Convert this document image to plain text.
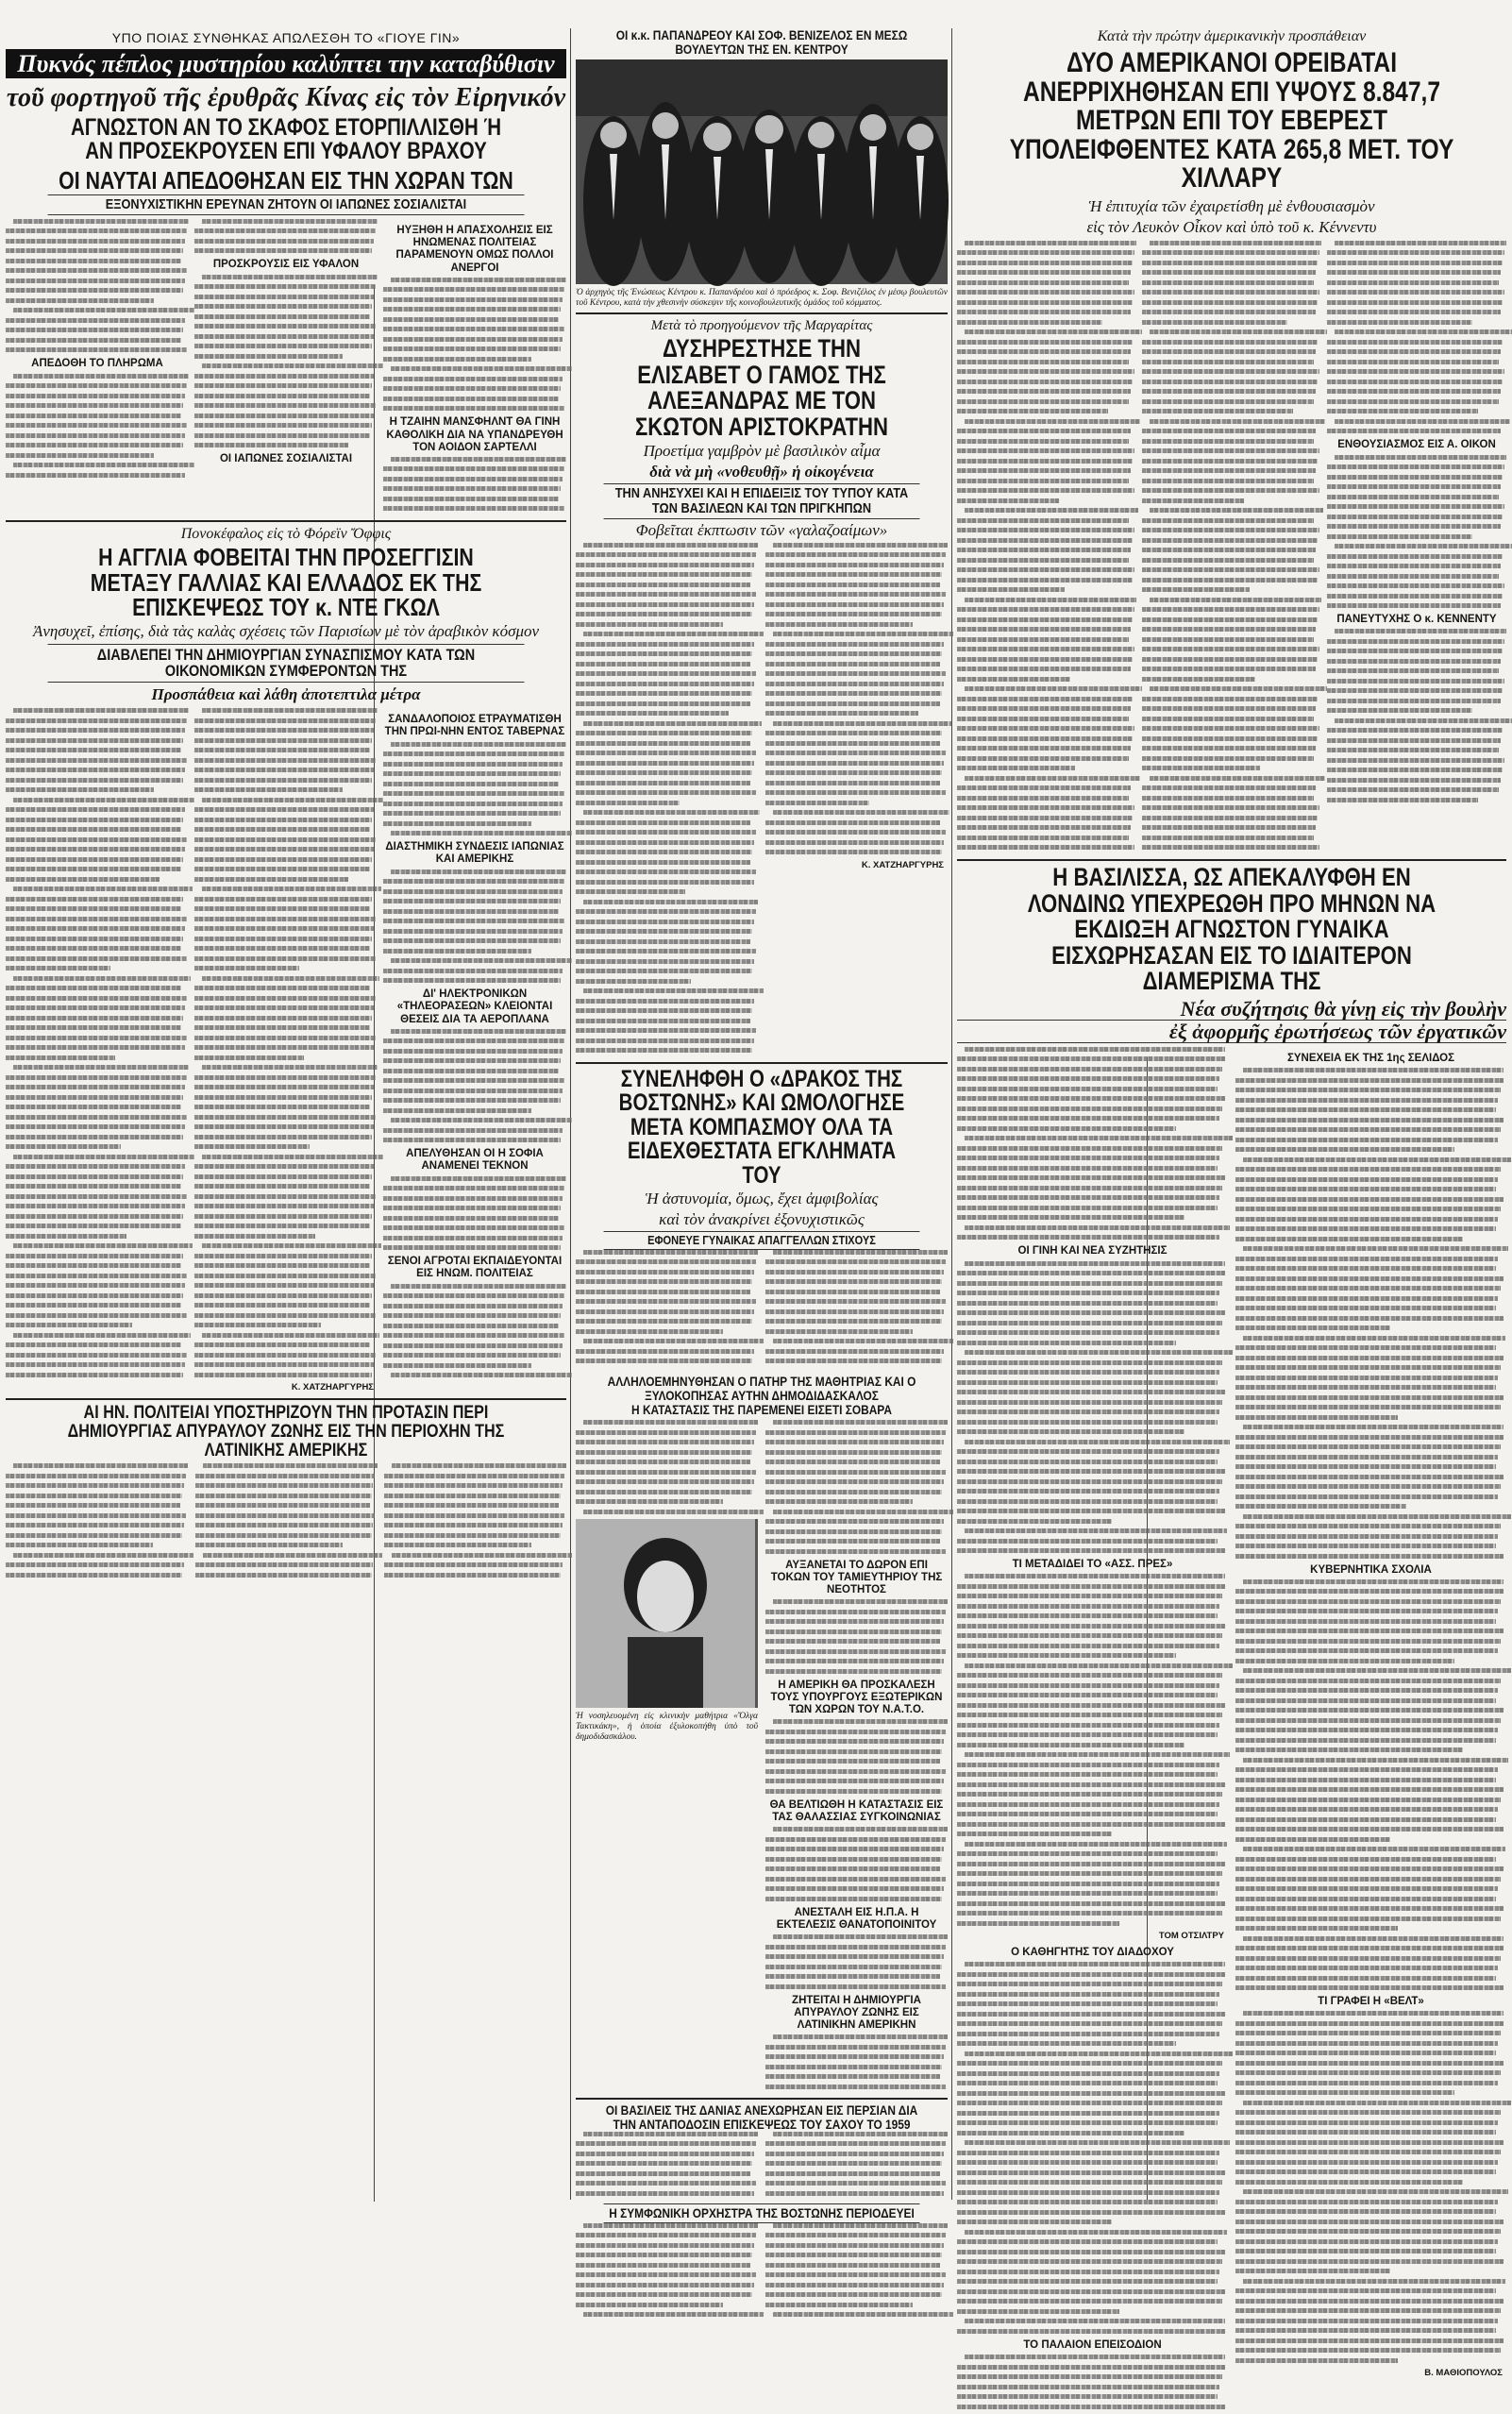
ΥΠΟ ΠΟΙΑΣ ΣΥΝΘΗΚΑΣ ΑΠΩΛΕΣΘΗ ΤΟ «ΓΙΟΥΕ ΓΙΝ»
Πυκνός πέπλος μυστηρίου καλύπτει την καταβύθισιν
τοῦ φορτηγοῦ τῆς ἐρυθρᾶς Κίνας εἰς τὸν Εἰρηνικόν
ΑΓΝΩΣΤΟΝ ΑΝ ΤΟ ΣΚΑΦΟΣ ΕΤΟΡΠΙΛΛΙΣΘΗ Ή ΑΝ ΠΡΟΣΕΚΡΟΥΣΕΝ ΕΠΙ ΥΦΑΛΟΥ ΒΡΑΧΟΥ
ΟΙ ΝΑΥΤΑΙ ΑΠΕΔΟΘΗΣΑΝ ΕΙΣ ΤΗΝ ΧΩΡΑΝ ΤΩΝ
ΕΞΟΝΥΧΙΣΤΙΚΗΝ ΕΡΕΥΝΑΝ ΖΗΤΟΥΝ ΟΙ ΙΑΠΩΝΕΣ ΣΟΣΙΑΛΙΣΤΑΙ
ΑΠΕΔΟΘΗ ΤΟ ΠΛΗΡΩΜΑ
ΠΡΟΣΚΡΟΥΣΙΣ ΕΙΣ ΥΦΑΛΟΝ
ΟΙ ΙΑΠΩΝΕΣ ΣΟΣΙΑΛΙΣΤΑΙ
ΗΥΞΗΘΗ Η ΑΠΑΣΧΟΛΗΣΙΣ ΕΙΣ ΗΝΩΜΕΝΑΣ ΠΟΛΙΤΕΙΑΣ ΠΑΡΑΜΕΝΟΥΝ ΟΜΩΣ ΠΟΛΛΟΙ ΑΝΕΡΓΟΙ
Η ΤΖΑΙΗΝ ΜΑΝΣΦΗΛΝΤ ΘΑ ΓΙΝΗ ΚΑΘΟΛΙΚΗ ΔΙΑ ΝΑ ΥΠΑΝΔΡΕΥΘΗ ΤΟΝ ΑΟΙΔΟΝ ΣΑΡΤΕΛΛΙ
Πονοκέφαλος εἰς τὸ Φόρεϊν Ὄφφις
Η ΑΓΓΛΙΑ ΦΟΒΕΙΤΑΙ ΤΗΝ ΠΡΟΣΕΓΓΙΣΙΝ ΜΕΤΑΞΥ ΓΑΛΛΙΑΣ ΚΑΙ ΕΛΛΑΔΟΣ ΕΚ ΤΗΣ ΕΠΙΣΚΕΨΕΩΣ ΤΟΥ κ. ΝΤΕ ΓΚΩΛ
Ἀνησυχεῖ, ἐπίσης, διὰ τὰς καλὰς σχέσεις τῶν Παρισίων μὲ τὸν ἀραβικὸν κόσμον
ΔΙΑΒΛΕΠΕΙ ΤΗΝ ΔΗΜΙΟΥΡΓΙΑΝ ΣΥΝΑΣΠΙΣΜΟΥ ΚΑΤΑ ΤΩΝ ΟΙΚΟΝΟΜΙΚΩΝ ΣΥΜΦΕΡΟΝΤΩΝ ΤΗΣ
Προσπάθεια καὶ λάθη ἀποτεπτιλα μέτρα
Κ. ΧΑΤΖΗΑΡΓΥΡΗΣ
ΣΑΝΔΑΛΟΠΟΙΟΣ ΕΤΡΑΥΜΑΤΙΣΘΗ ΤΗΝ ΠΡΩΙ-ΝΗΝ ΕΝΤΟΣ ΤΑΒΕΡΝΑΣ
ΔΙΑΣΤΗΜΙΚΗ ΣΥΝΔΕΣΙΣ ΙΑΠΩΝΙΑΣ ΚΑΙ ΑΜΕΡΙΚΗΣ
ΔΙ' ΗΛΕΚΤΡΟΝΙΚΩΝ «ΤΗΛΕΟΡΑΣΕΩΝ» ΚΛΕΙΟΝΤΑΙ ΘΕΣΕΙΣ ΔΙΑ ΤΑ ΑΕΡΟΠΛΑΝΑ
ΑΠΕΛΥΘΗΣΑΝ ΟΙ Η ΣΟΦΙΑ ΑΝΑΜΕΝΕΙ ΤΕΚΝΟΝ
ΣΕΝΟΙ ΑΓΡΟΤΑΙ ΕΚΠΑΙΔΕΥΟΝΤΑΙ ΕΙΣ ΗΝΩΜ. ΠΟΛΙΤΕΙΑΣ
ΑΙ ΗΝ. ΠΟΛΙΤΕΙΑΙ ΥΠΟΣΤΗΡΙΖΟΥΝ ΤΗΝ ΠΡΟΤΑΣΙΝ ΠΕΡΙ ΔΗΜΙΟΥΡΓΙΑΣ ΑΠΥΡΑΥΛΟΥ ΖΩΝΗΣ ΕΙΣ ΤΗΝ ΠΕΡΙΟΧΗΝ ΤΗΣ ΛΑΤΙΝΙΚΗΣ ΑΜΕΡΙΚΗΣ
ΟΙ κ.κ. ΠΑΠΑΝΔΡΕΟΥ ΚΑΙ ΣΟΦ. ΒΕΝΙΖΕΛΟΣ ΕΝ ΜΕΣΩ ΒΟΥΛΕΥΤΩΝ ΤΗΣ ΕΝ. ΚΕΝΤΡΟΥ
Ὁ ἀρχηγὸς τῆς Ἑνώσεως Κέντρου κ. Παπανδρέου καὶ ὁ πρόεδρος κ. Σοφ. Βενιζέλος ἐν μέσῳ βουλευτῶν τοῦ Κέντρου, κατὰ τὴν χθεσινὴν σύσκεψιν τῆς κοινοβουλευτικῆς ὁμάδος τοῦ κόμματος.
Μετὰ τὸ προηγούμενον τῆς Μαργαρίτας
ΔΥΣΗΡΕΣΤΗΣΕ ΤΗΝ ΕΛΙΣΑΒΕΤ Ο ΓΑΜΟΣ ΤΗΣ ΑΛΕΞΑΝΔΡΑΣ ΜΕ ΤΟΝ ΣΚΩΤΟΝ ΑΡΙΣΤΟΚΡΑΤΗΝ
Προετίμα γαμβρὸν μὲ βασιλικὸν αἷμα
διὰ νὰ μὴ «νοθευθῇ» ἡ οἰκογένεια
ΤΗΝ ΑΝΗΣΥΧΕΙ ΚΑΙ Η ΕΠΙΔΕΙΞΙΣ ΤΟΥ ΤΥΠΟΥ ΚΑΤΑ ΤΩΝ ΒΑΣΙΛΕΩΝ ΚΑΙ ΤΩΝ ΠΡΙΓΚΗΠΩΝ
Φοβεῖται ἐκπτωσιν τῶν «γαλαζοαίμων»
Κ. ΧΑΤΖΗΑΡΓΥΡΗΣ
ΣΥΝΕΛΗΦΘΗ Ο «ΔΡΑΚΟΣ ΤΗΣ ΒΟΣΤΩΝΗΣ» ΚΑΙ ΩΜΟΛΟΓΗΣΕ ΜΕΤΑ ΚΟΜΠΑΣΜΟΥ ΟΛΑ ΤΑ ΕΙΔΕΧΘΕΣΤΑΤΑ ΕΓΚΛΗΜΑΤΑ ΤΟΥ
Ἡ ἀστυνομία, ὅμως, ἔχει ἀμφιβολίας
καὶ τὸν ἀνακρίνει ἐξονυχιστικῶς
ΕΦΟΝΕΥΕ ΓΥΝΑΙΚΑΣ ΑΠΑΓΓΕΛΛΩΝ ΣΤΙΧΟΥΣ
ΑΛΛΗΛΟΕΜΗΝΥΘΗΣΑΝ Ο ΠΑΤΗΡ ΤΗΣ ΜΑΘΗΤΡΙΑΣ ΚΑΙ Ο ΞΥΛΟΚΟΠΗΣΑΣ ΑΥΤΗΝ ΔΗΜΟΔΙΔΑΣΚΑΛΟΣ
Η ΚΑΤΑΣΤΑΣΙΣ ΤΗΣ ΠΑΡΕΜΕΝΕΙ ΕΙΣΕΤΙ ΣΟΒΑΡΑ
Ἡ νοσηλευομένη εἰς κλινικὴν μαθήτρια «Ὄλγα Τακτικάκη», ἡ ὁποία ἐξυλοκοπήθη ὑπὸ τοῦ δημοδιδασκάλου.
ΑΥΞΑΝΕΤΑΙ ΤΟ ΔΩΡΟΝ ΕΠΙ ΤΟΚΩΝ ΤΟΥ ΤΑΜΙΕΥΤΗΡΙΟΥ ΤΗΣ ΝΕΟΤΗΤΟΣ
Η ΑΜΕΡΙΚΗ ΘΑ ΠΡΟΣΚΑΛΕΣΗ ΤΟΥΣ ΥΠΟΥΡΓΟΥΣ ΕΞΩΤΕΡΙΚΩΝ ΤΩΝ ΧΩΡΩΝ ΤΟΥ Ν.Α.Τ.Ο.
ΘΑ ΒΕΛΤΙΩΘΗ Η ΚΑΤΑΣΤΑΣΙΣ ΕΙΣ ΤΑΣ ΘΑΛΑΣΣΙΑΣ ΣΥΓΚΟΙΝΩΝΙΑΣ
ΑΝΕΣΤΑΛΗ ΕΙΣ Η.Π.Α. Η ΕΚΤΕΛΕΣΙΣ ΘΑΝΑΤΟΠΟΙΝΙΤΟΥ
ΖΗΤΕΙΤΑΙ Η ΔΗΜΙΟΥΡΓΙΑ ΑΠΥΡΑΥΛΟΥ ΖΩΝΗΣ ΕΙΣ ΛΑΤΙΝΙΚΗΝ ΑΜΕΡΙΚΗΝ
ΟΙ ΒΑΣΙΛΕΙΣ ΤΗΣ ΔΑΝΙΑΣ ΑΝΕΧΩΡΗΣΑΝ ΕΙΣ ΠΕΡΣΙΑΝ ΔΙΑ ΤΗΝ ΑΝΤΑΠΟΔΟΣΙΝ ΕΠΙΣΚΕΨΕΩΣ ΤΟΥ ΣΑΧΟΥ ΤΟ 1959
Η ΣΥΜΦΩΝΙΚΗ ΟΡΧΗΣΤΡΑ ΤΗΣ ΒΟΣΤΩΝΗΣ ΠΕΡΙΟΔΕΥΕΙ
Κατὰ τὴν πρώτην ἀμερικανικὴν προσπάθειαν
ΔΥΟ ΑΜΕΡΙΚΑΝΟΙ ΟΡΕΙΒΑΤΑΙ ΑΝΕΡΡΙΧΗΘΗΣΑΝ ΕΠΙ ΥΨΟΥΣ 8.847,7 ΜΕΤΡΩΝ ΕΠΙ ΤΟΥ ΕΒΕΡΕΣΤ ΥΠΟΛΕΙΦΘΕΝΤΕΣ ΚΑΤΑ 265,8 ΜΕΤ. ΤΟΥ ΧΙΛΛΑΡΥ
Ἡ ἐπιτυχία τῶν ἐχαιρετίσθη μὲ ἐνθουσιασμὸν
εἰς τὸν Λευκὸν Οἶκον καὶ ὑπὸ τοῦ κ. Κέννεντυ
ΕΝΘΟΥΣΙΑΣΜΟΣ ΕΙΣ Α. ΟΙΚΟΝ
ΠΑΝΕΥΤΥΧΗΣ Ο κ. ΚΕΝΝΕΝΤΥ
Η ΒΑΣΙΛΙΣΣΑ, ΩΣ ΑΠΕΚΑΛΥΦΘΗ ΕΝ ΛΟΝΔΙΝΩ ΥΠΕΧΡΕΩΘΗ ΠΡΟ ΜΗΝΩΝ ΝΑ ΕΚΔΙΩΞΗ ΑΓΝΩΣΤΟΝ ΓΥΝΑΙΚΑ ΕΙΣΧΩΡΗΣΑΣΑΝ ΕΙΣ ΤΟ ΙΔΙΑΙΤΕΡΟΝ ΔΙΑΜΕΡΙΣΜΑ ΤΗΣ
Νέα συζήτησις θὰ γίνῃ εἰς τὴν βουλὴν
ἐξ ἀφορμῆς ἐρωτήσεως τῶν ἐργατικῶν
ΟΙ ΓΙΝΗ ΚΑΙ ΝΕΑ ΣΥΖΗΤΗΣΙΣ
ΤΙ ΜΕΤΑΔΙΔΕΙ ΤΟ «ΑΣΣ. ΠΡΕΣ»
ΤΟΜ ΟΤΣΙΛΤΡΥ
Ο ΚΑΘΗΓΗΤΗΣ ΤΟΥ ΔΙΑΔΟΧΟΥ
ΤΟ ΠΑΛΑΙΟΝ ΕΠΕΙΣΟΔΙΟΝ
ΣΥΝΕΧΕΙΑ ΕΚ ΤΗΣ 1ης ΣΕΛΙΔΟΣ
ΚΥΒΕΡΝΗΤΙΚΑ ΣΧΟΛΙΑ
ΤΙ ΓΡΑΦΕΙ Η «ΒΕΛΤ»
Β. ΜΑΘΙΟΠΟΥΛΟΣ
